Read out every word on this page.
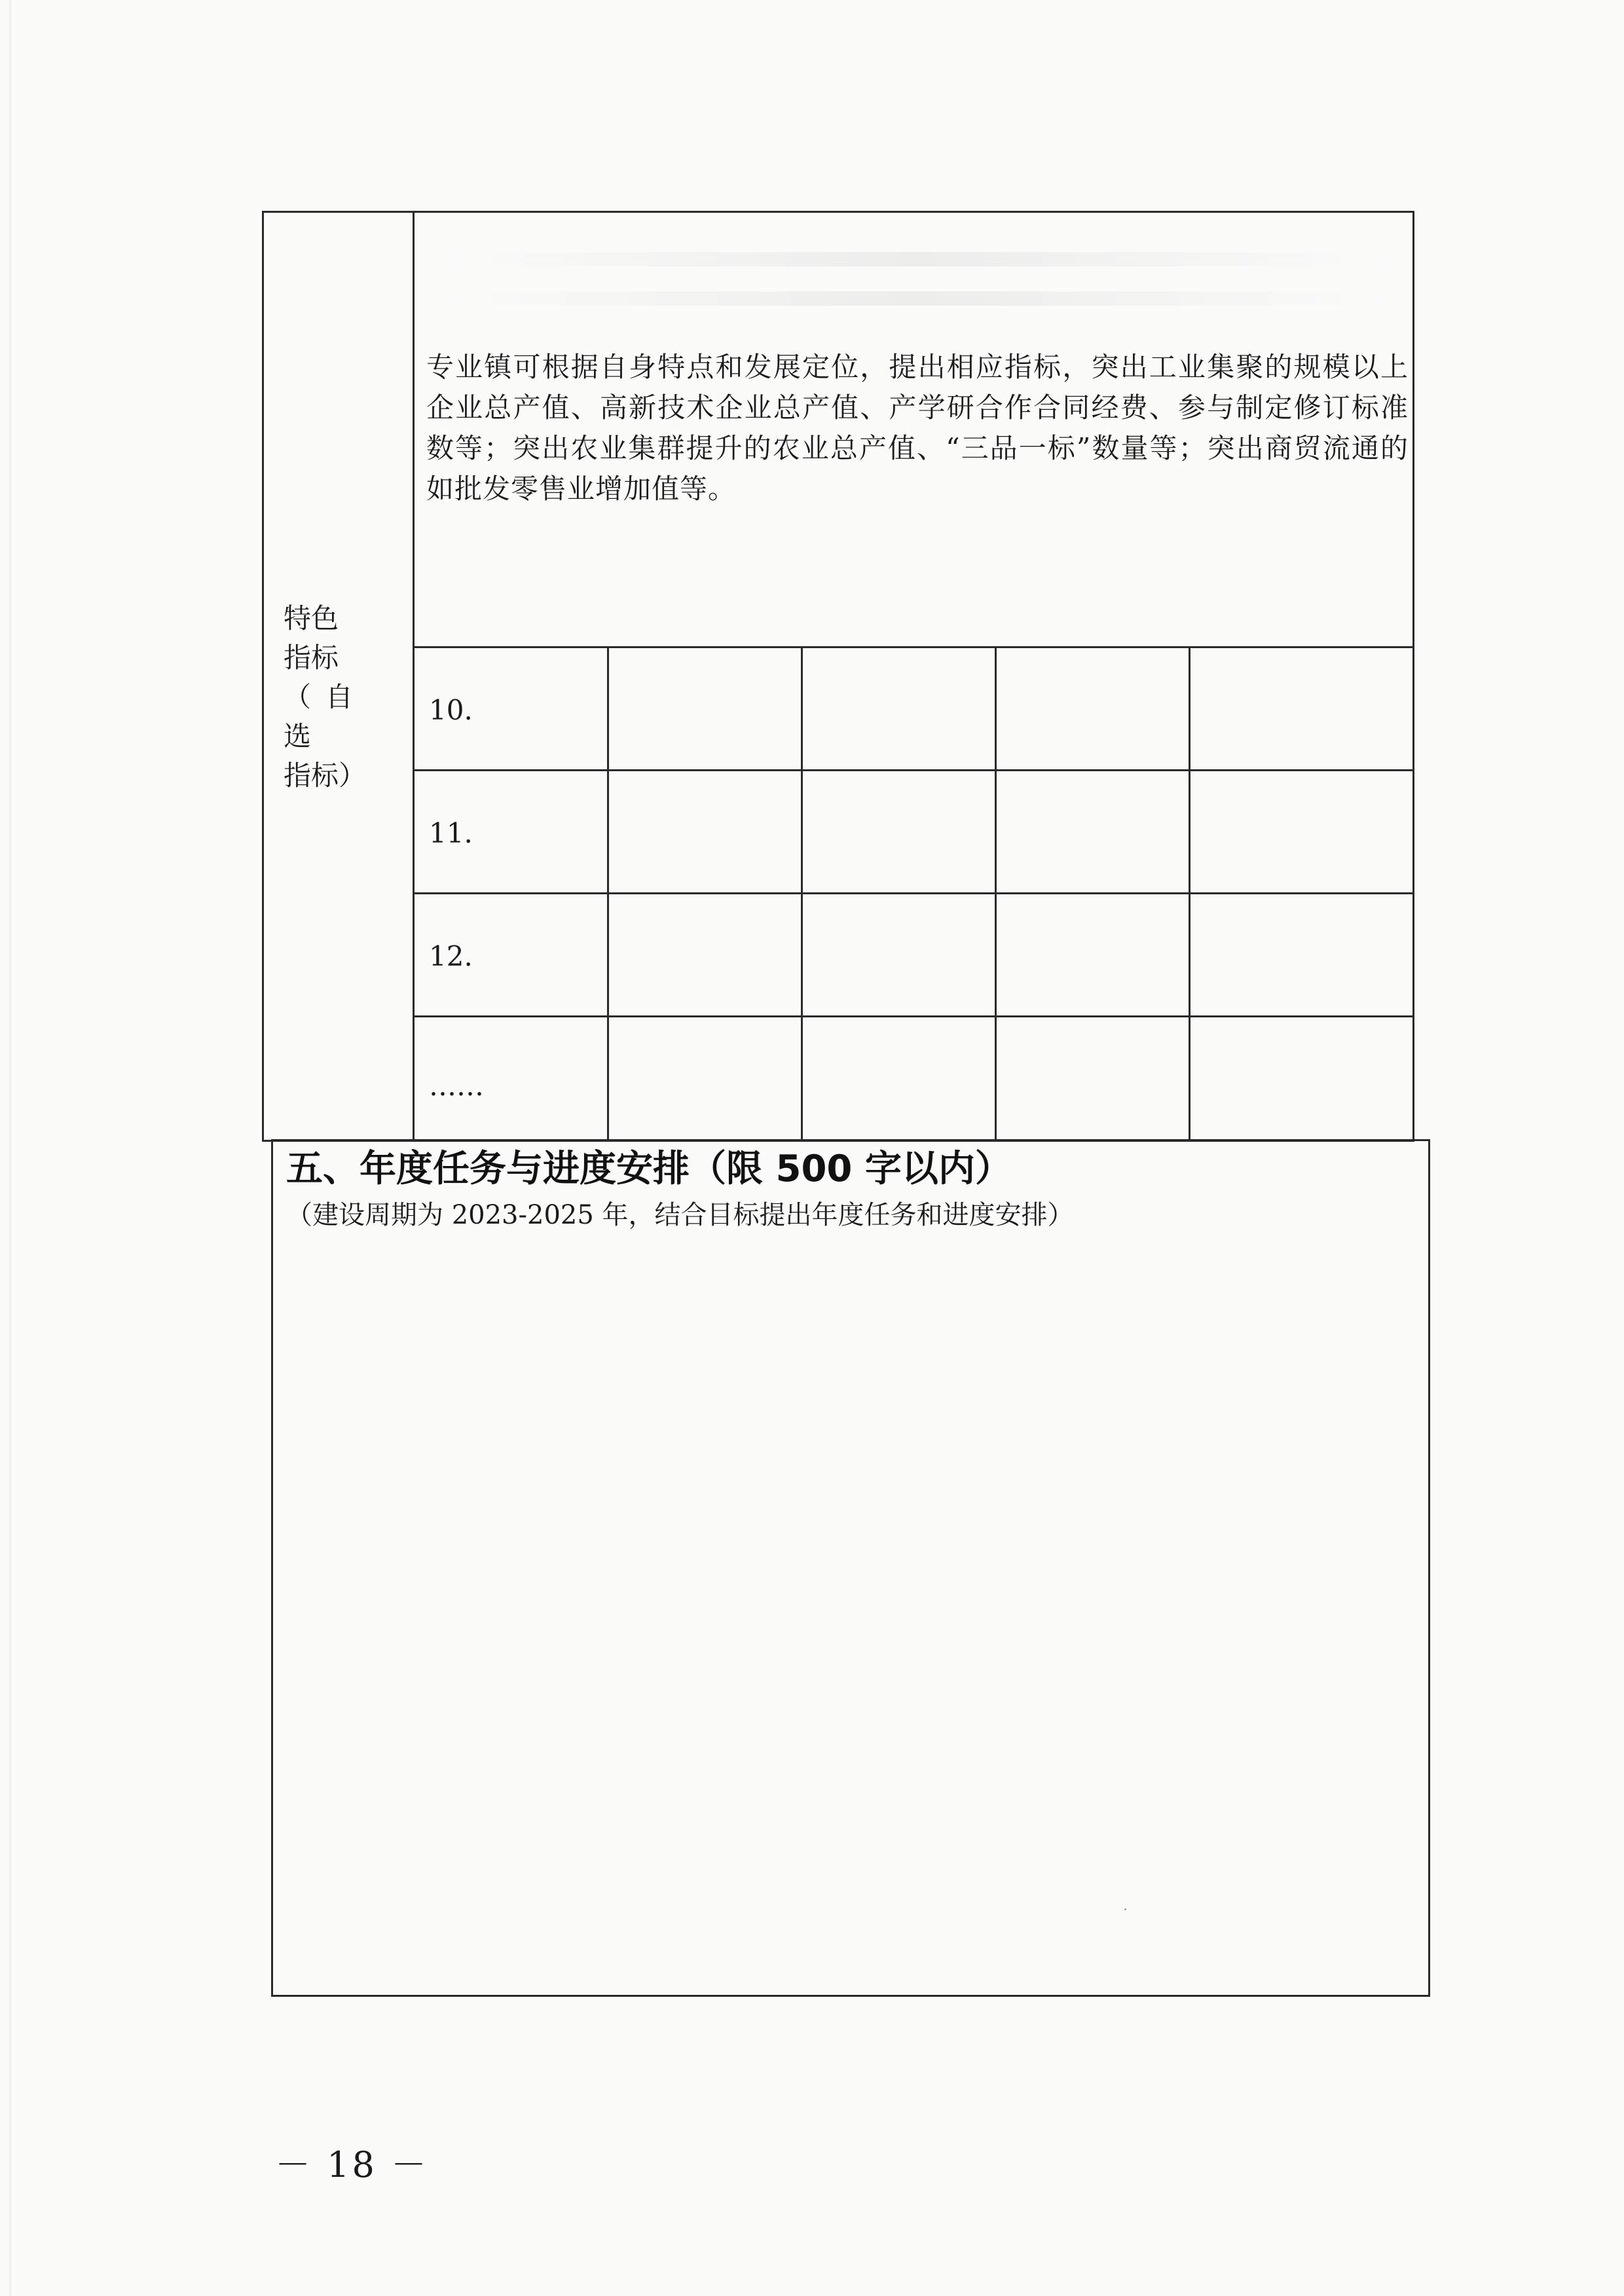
特色
指标
（自选
指标）
专业镇可根据自身特点和发展定位，提出相应指标，突出工业集聚的规模以上企业总产值、高新技术企业总产值、产学研合作合同经费、参与制定修订标准数等；突出农业集群提升的农业总产值、“三品一标”数量等；突出商贸流通的如批发零售业增加值等。
10.
11.
12.
……
五、年度任务与进度安排（限 500 字以内）
（建设周期为 2023-2025 年，结合目标提出年度任务和进度安排）
－ 18 －
